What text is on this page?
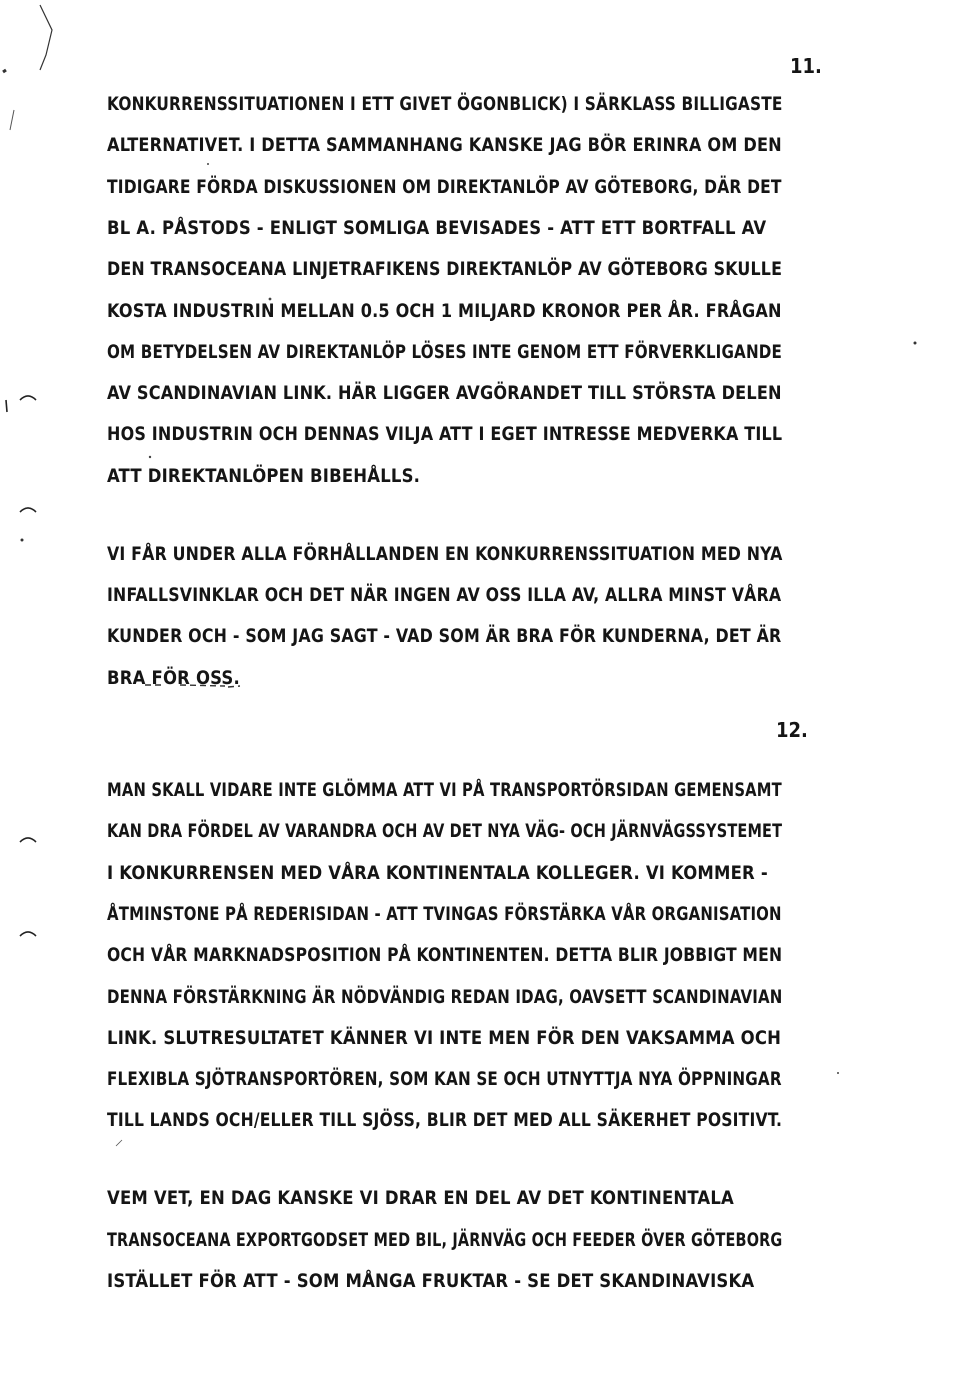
11.
KONKURRENSSITUATIONEN I ETT GIVET ÖGONBLICK) I SÄRKLASS BILLIGASTE
ALTERNATIVET. I DETTA SAMMANHANG KANSKE JAG BÖR ERINRA OM DEN
TIDIGARE FÖRDA DISKUSSIONEN OM DIREKTANLÖP AV GÖTEBORG, DÄR DET
BL A. PÅSTODS - ENLIGT SOMLIGA BEVISADES - ATT ETT BORTFALL AV
DEN TRANSOCEANA LINJETRAFIKENS DIREKTANLÖP AV GÖTEBORG SKULLE
KOSTA INDUSTRIN MELLAN 0.5 OCH 1 MILJARD KRONOR PER ÅR. FRÅGAN
OM BETYDELSEN AV DIREKTANLÖP LÖSES INTE GENOM ETT FÖRVERKLIGANDE
AV SCANDINAVIAN LINK. HÄR LIGGER AVGÖRANDET TILL STÖRSTA DELEN
HOS INDUSTRIN OCH DENNAS VILJA ATT I EGET INTRESSE MEDVERKA TILL
ATT DIREKTANLÖPEN BIBEHÅLLS.
VI FÅR UNDER ALLA FÖRHÅLLANDEN EN KONKURRENSSITUATION MED NYA
INFALLSVINKLAR OCH DET NÄR INGEN AV OSS ILLA AV, ALLRA MINST VÅRA
KUNDER OCH - SOM JAG SAGT - VAD SOM ÄR BRA FÖR KUNDERNA, DET ÄR
BRA FÖR OSS.
12.
MAN SKALL VIDARE INTE GLÖMMA ATT VI PÅ TRANSPORTÖRSIDAN GEMENSAMT
KAN DRA FÖRDEL AV VARANDRA OCH AV DET NYA VÄG- OCH JÄRNVÄGSSYSTEMET
I KONKURRENSEN MED VÅRA KONTINENTALA KOLLEGER. VI KOMMER -
ÅTMINSTONE PÅ REDERISIDAN - ATT TVINGAS FÖRSTÄRKA VÅR ORGANISATION
OCH VÅR MARKNADSPOSITION PÅ KONTINENTEN. DETTA BLIR JOBBIGT MEN
DENNA FÖRSTÄRKNING ÄR NÖDVÄNDIG REDAN IDAG, OAVSETT SCANDINAVIAN
LINK. SLUTRESULTATET KÄNNER VI INTE MEN FÖR DEN VAKSAMMA OCH
FLEXIBLA SJÖTRANSPORTÖREN, SOM KAN SE OCH UTNYTTJA NYA ÖPPNINGAR
TILL LANDS OCH/ELLER TILL SJÖSS, BLIR DET MED ALL SÄKERHET POSITIVT.
VEM VET, EN DAG KANSKE VI DRAR EN DEL AV DET KONTINENTALA
TRANSOCEANA EXPORTGODSET MED BIL, JÄRNVÄG OCH FEEDER ÖVER GÖTEBORG
ISTÄLLET FÖR ATT - SOM MÅNGA FRUKTAR - SE DET SKANDINAVISKA
